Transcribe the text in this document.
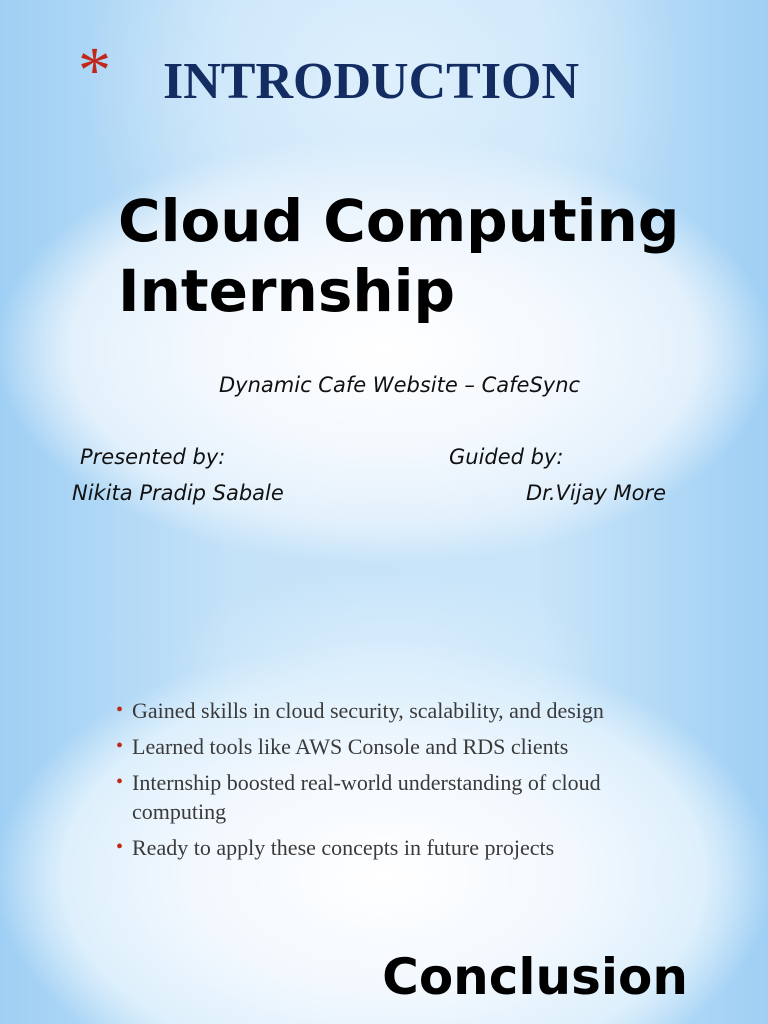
* INTRODUCTION
Cloud Computing Internship
Dynamic Cafe Website – CafeSync
Presented by:
Nikita Pradip Sabale
Guided by:
Dr.Vijay More
• Gained skills in cloud security, scalability, and design
• Learned tools like AWS Console and RDS clients
• Internship boosted real-world understanding of cloud computing
• Ready to apply these concepts in future projects
Conclusion
